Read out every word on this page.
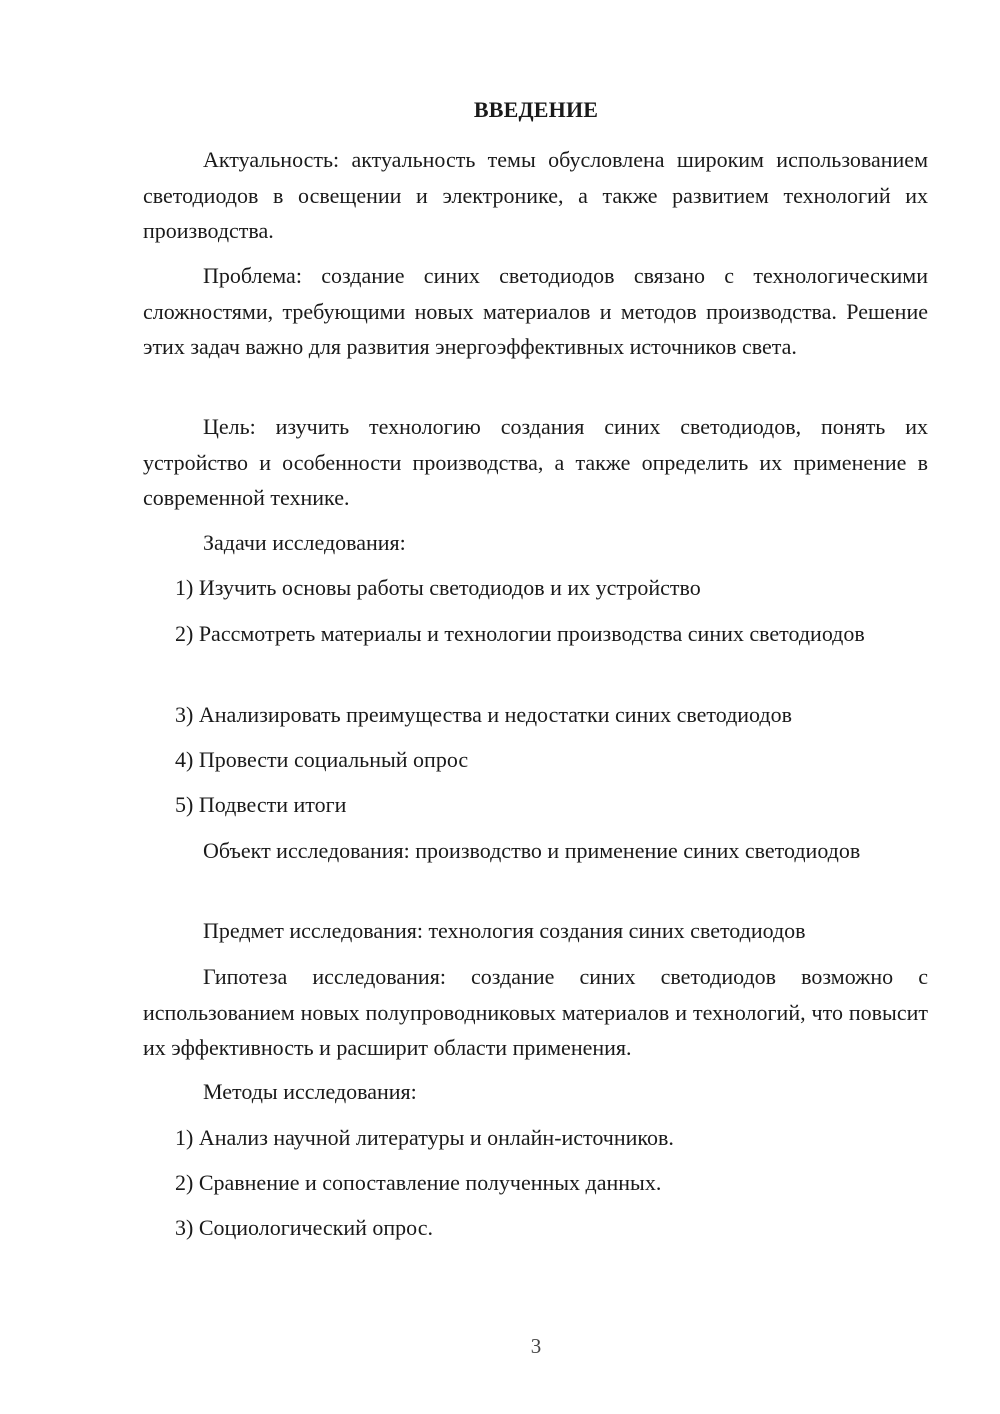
ВВЕДЕНИЕ
Актуальность: актуальность темы обусловлена широким использованием светодиодов в освещении и электронике, а также развитием технологий их производства.
Проблема: создание синих светодиодов связано с технологическими сложностями, требующими новых материалов и методов производства. Решение этих задач важно для развития энергоэффективных источников света.
Цель: изучить технологию создания синих светодиодов, понять их устройство и особенности производства, а также определить их применение в современной технике.
Задачи исследования:
1) Изучить основы работы светодиодов и их устройство
2) Рассмотреть материалы и технологии производства синих светодиодов
3) Анализировать преимущества и недостатки синих светодиодов
4) Провести социальный опрос
5) Подвести итоги
Объект исследования: производство и применение синих светодиодов
Предмет исследования: технология создания синих светодиодов
Гипотеза исследования: создание синих светодиодов возможно с использованием новых полупроводниковых материалов и технологий, что повысит их эффективность и расширит области применения.
Методы исследования:
1) Анализ научной литературы и онлайн-источников.
2) Сравнение и сопоставление полученных данных.
3) Социологический опрос.
3
